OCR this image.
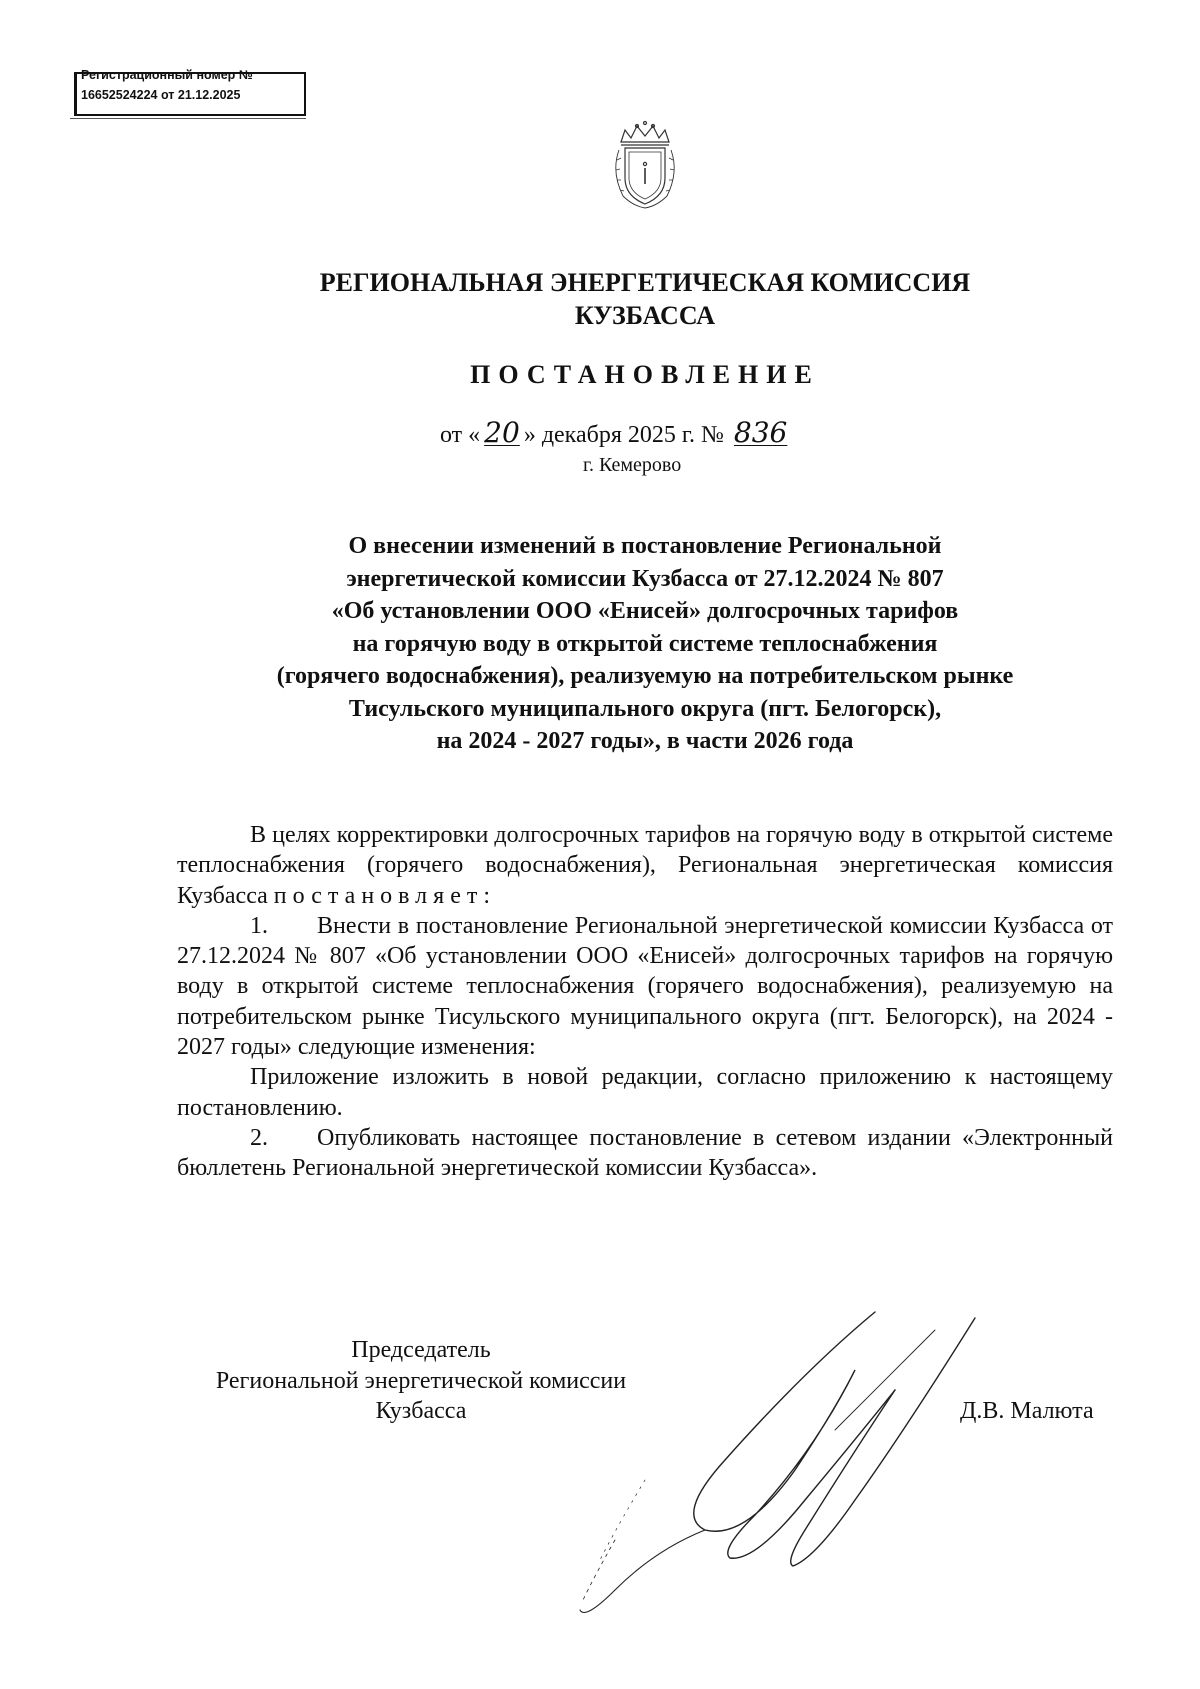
Регистрационный номер №
16652524224 от 21.12.2025
РЕГИОНАЛЬНАЯ ЭНЕРГЕТИЧЕСКАЯ КОМИССИЯ
КУЗБАССА
ПОСТАНОВЛЕНИЕ
от « 20 » декабря 2025 г. № 836
г. Кемерово
О внесении изменений в постановление Региональной
энергетической комиссии Кузбасса от 27.12.2024 № 807
«Об установлении ООО «Енисей» долгосрочных тарифов
на горячую воду в открытой системе теплоснабжения
(горячего водоснабжения), реализуемую на потребительском рынке
Тисульского муниципального округа (пгт. Белогорск),
на 2024 - 2027 годы», в части 2026 года

В целях корректировки долгосрочных тарифов на горячую воду в открытой системе теплоснабжения (горячего водоснабжения), Региональная энергетическая комиссия Кузбасса постановляет:

1. Внести в постановление Региональной энергетической комиссии Кузбасса от 27.12.2024 № 807 «Об установлении ООО «Енисей» долгосрочных тарифов на горячую воду в открытой системе теплоснабжения (горячего водоснабжения), реализуемую на потребительском рынке Тисульского муниципального округа (пгт. Белогорск), на 2024 - 2027 годы» следующие изменения:

Приложение изложить в новой редакции, согласно приложению к настоящему постановлению.

2. Опубликовать настоящее постановление в сетевом издании «Электронный бюллетень Региональной энергетической комиссии Кузбасса».

Председатель
Региональной энергетической комиссии
Кузбасса	Д.В. Малюта
